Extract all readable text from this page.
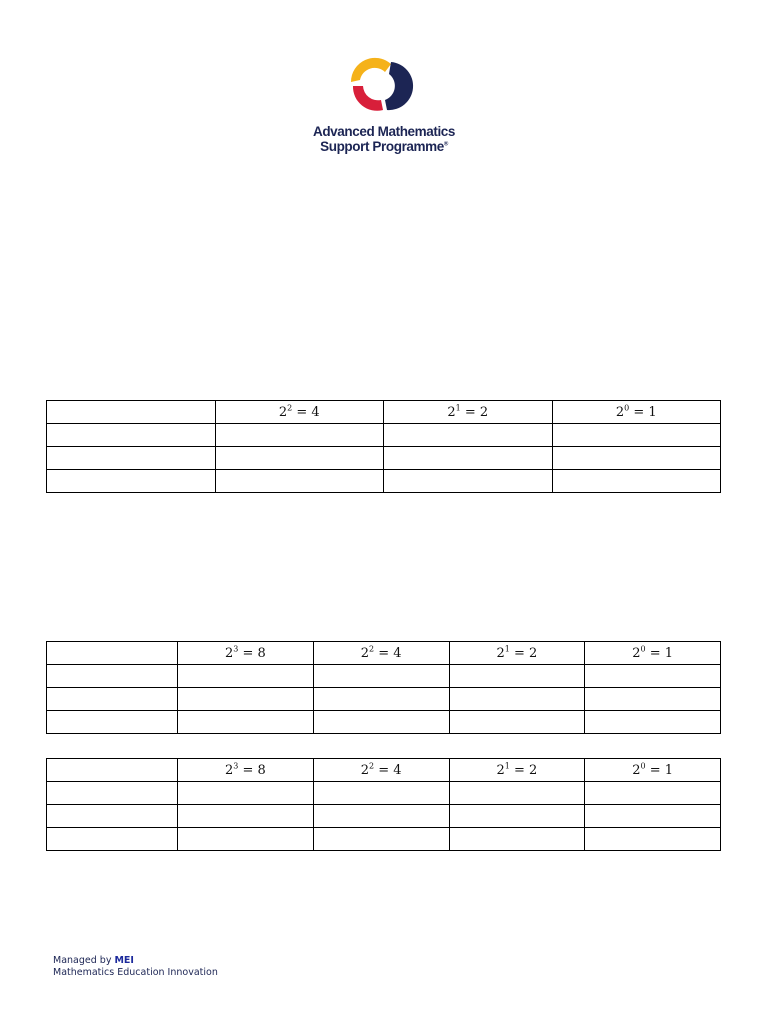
Advanced Mathematics
Support Programme®
	$2^2 = 4$	$2^1 = 2$	$2^0 = 1$

	$2^3 = 8$	$2^2 = 4$	$2^1 = 2$	$2^0 = 1$

	$2^3 = 8$	$2^2 = 4$	$2^1 = 2$	$2^0 = 1$

Managed by MEI
Mathematics Education Innovation
